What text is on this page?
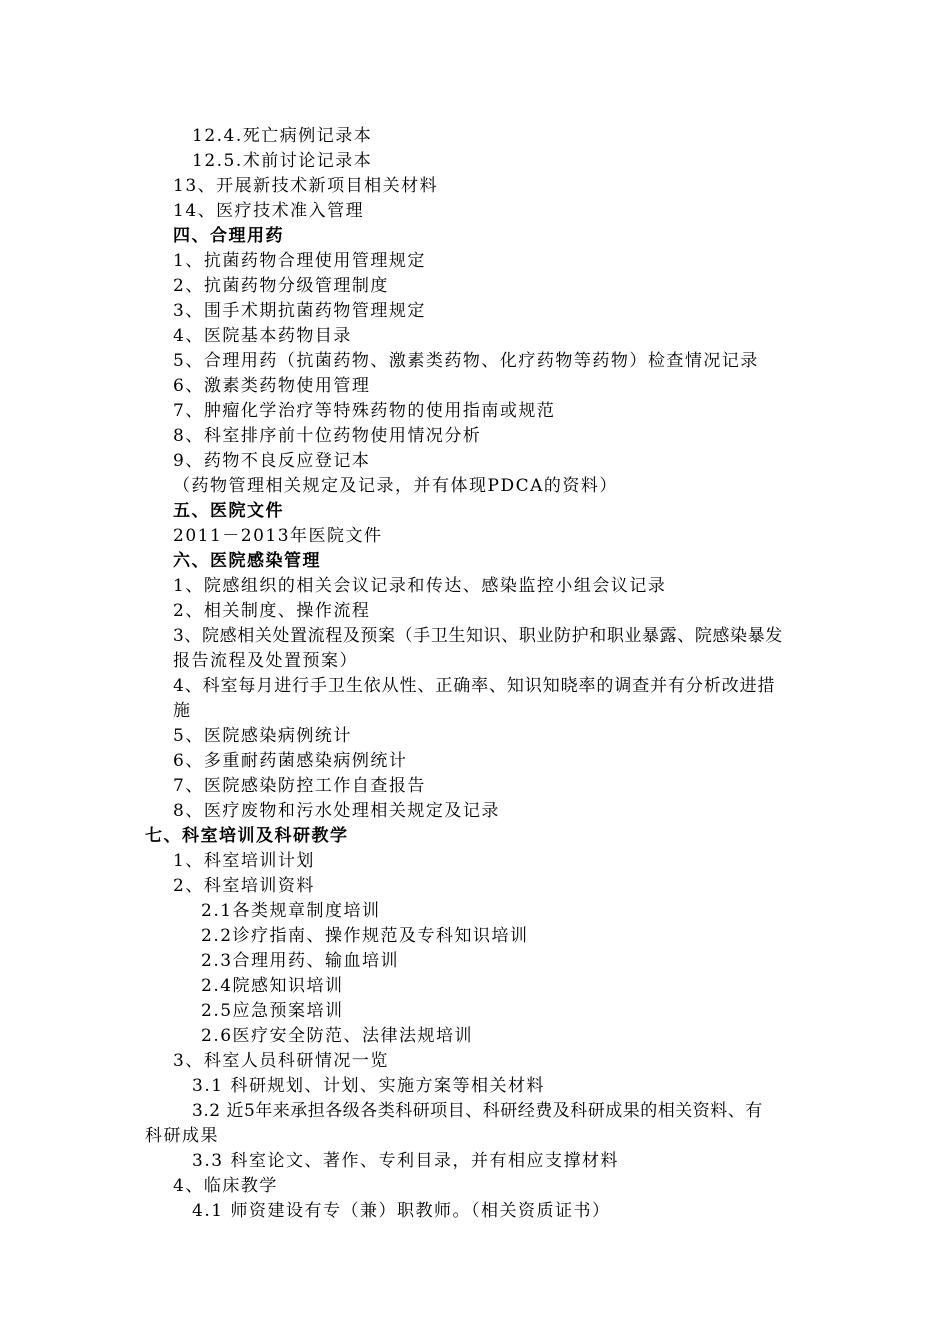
12.4.死亡病例记录本
12.5.术前讨论记录本
13、开展新技术新项目相关材料
14、医疗技术准入管理
四、合理用药
1、抗菌药物合理使用管理规定
2、抗菌药物分级管理制度
3、围手术期抗菌药物管理规定
4、医院基本药物目录
5、合理用药（抗菌药物、激素类药物、化疗药物等药物）检查情况记录
6、激素类药物使用管理
7、肿瘤化学治疗等特殊药物的使用指南或规范
8、科室排序前十位药物使用情况分析
9、药物不良反应登记本
（药物管理相关规定及记录，并有体现PDCA的资料）
五、医院文件
2011－2013年医院文件
六、医院感染管理
1、院感组织的相关会议记录和传达、感染监控小组会议记录
2、相关制度、操作流程
3、院感相关处置流程及预案（手卫生知识、职业防护和职业暴露、院感染暴发
报告流程及处置预案）
4、科室每月进行手卫生依从性、正确率、知识知晓率的调查并有分析改进措
施
5、医院感染病例统计
6、多重耐药菌感染病例统计
7、医院感染防控工作自查报告
8、医疗废物和污水处理相关规定及记录
七、科室培训及科研教学
1、科室培训计划
2、科室培训资料
2.1各类规章制度培训
2.2诊疗指南、操作规范及专科知识培训
2.3合理用药、输血培训
2.4院感知识培训
2.5应急预案培训
2.6医疗安全防范、法律法规培训
3、科室人员科研情况一览
3.1 科研规划、计划、实施方案等相关材料
3.2 近5年来承担各级各类科研项目、科研经费及科研成果的相关资料、有
科研成果
3.3 科室论文、著作、专利目录，并有相应支撑材料
4、临床教学
4.1 师资建设有专（兼）职教师。（相关资质证书）
